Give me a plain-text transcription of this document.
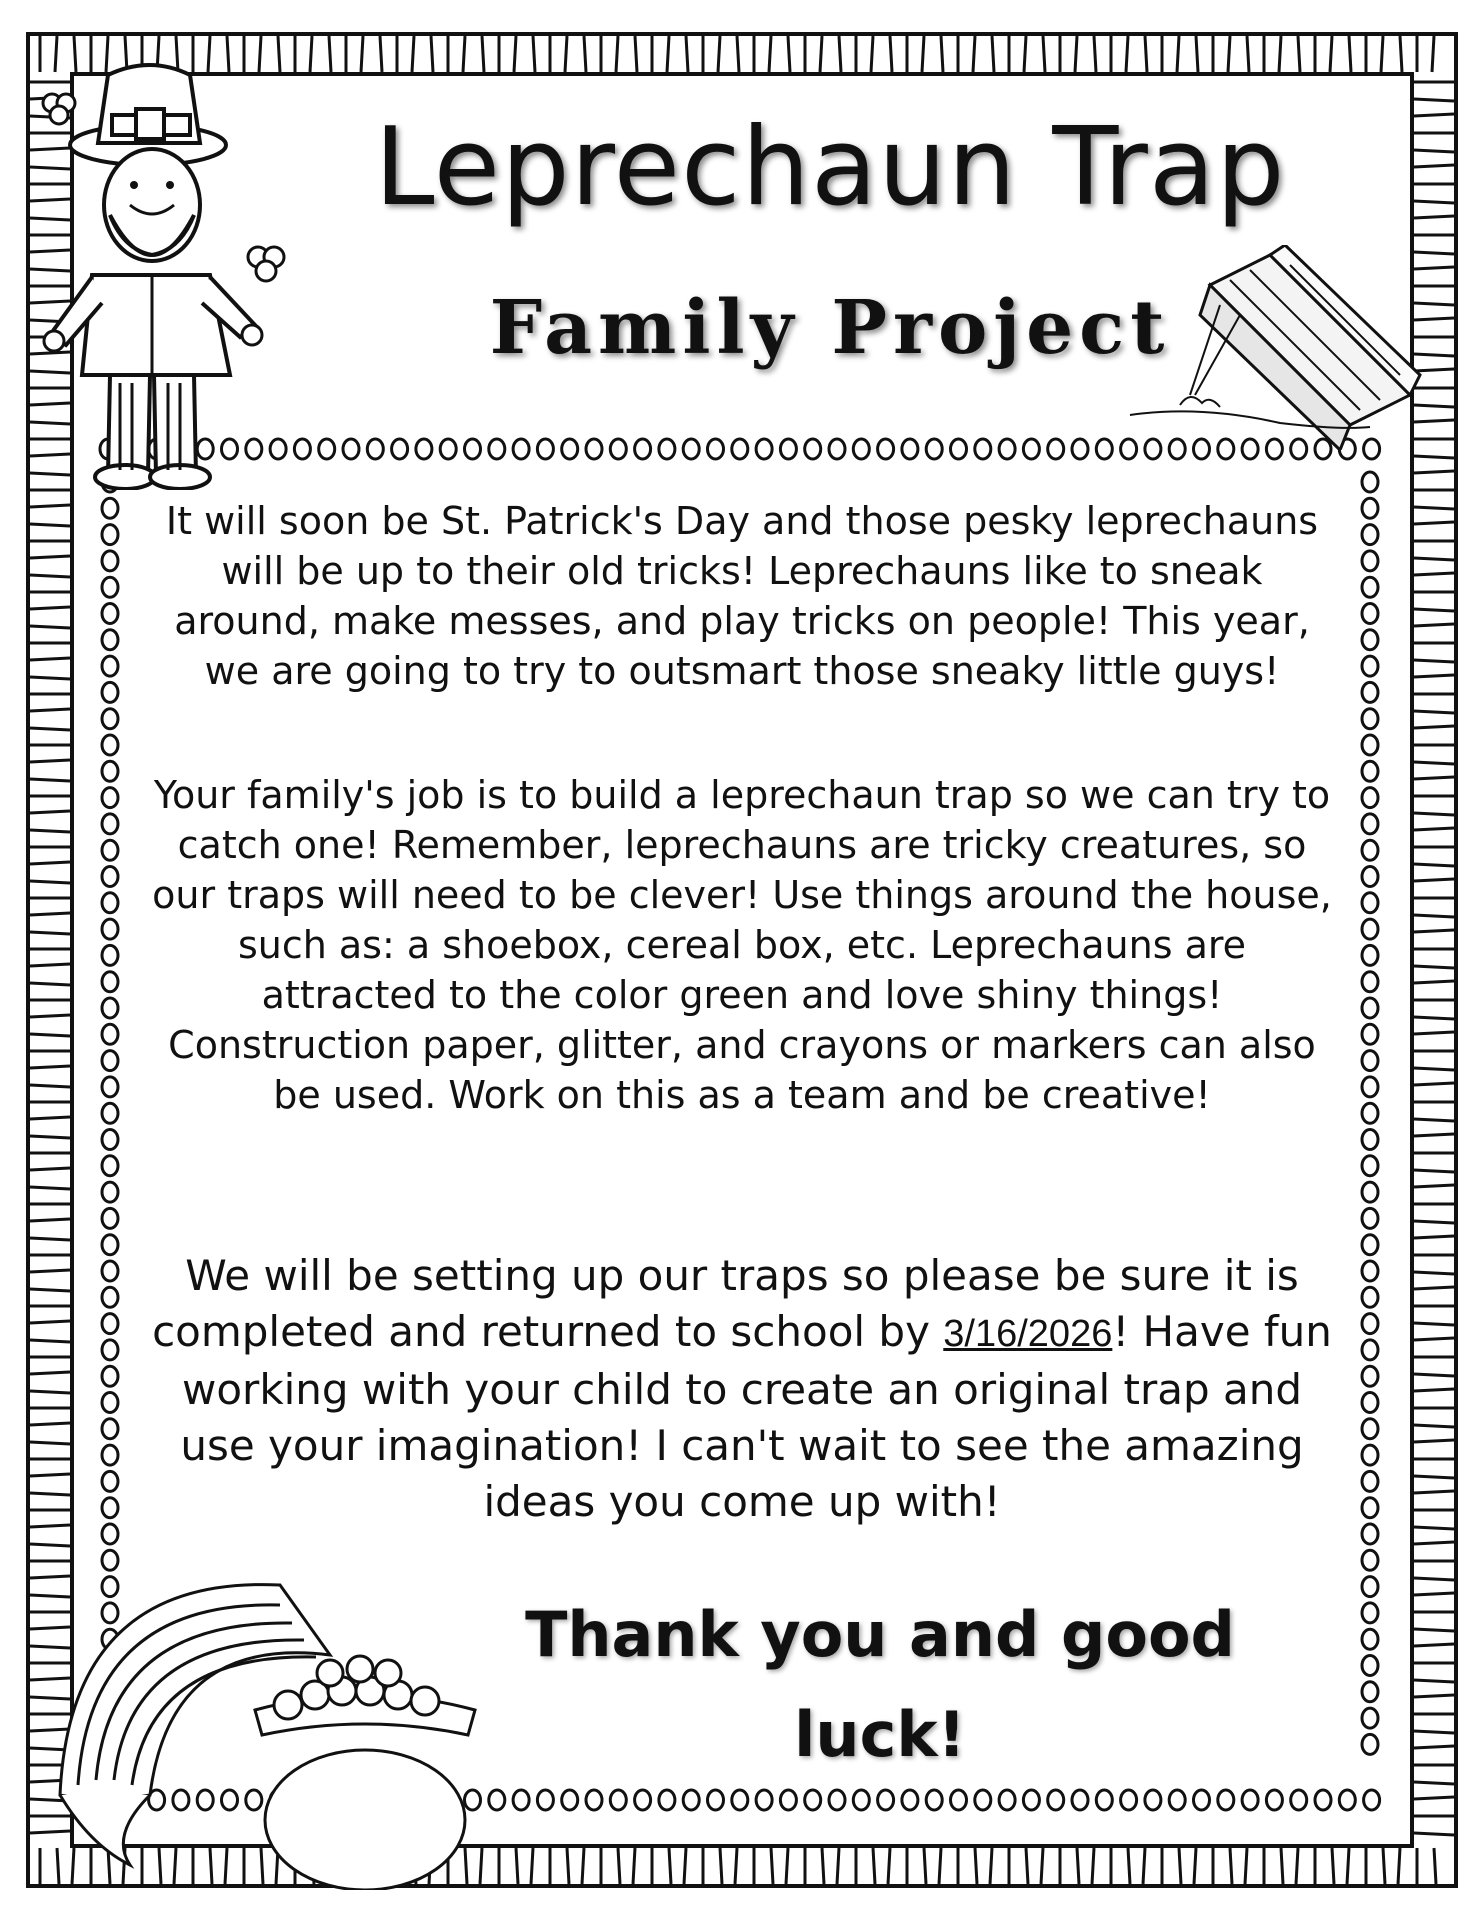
Leprechaun Trap
Family Project

It will soon be St. Patrick's Day and those pesky leprechauns will be up to their old tricks! Leprechauns like to sneak around, make messes, and play tricks on people! This year, we are going to try to outsmart those sneaky little guys!

Your family's job is to build a leprechaun trap so we can try to catch one! Remember, leprechauns are tricky creatures, so our traps will need to be clever! Use things around the house, such as: a shoebox, cereal box, etc. Leprechauns are attracted to the color green and love shiny things! Construction paper, glitter, and crayons or markers can also be used. Work on this as a team and be creative!

We will be setting up our traps so please be sure it is completed and returned to school by 3/16/2026! Have fun working with your child to create an original trap and use your imagination! I can't wait to see the amazing ideas you come up with!

Thank you and good luck!
